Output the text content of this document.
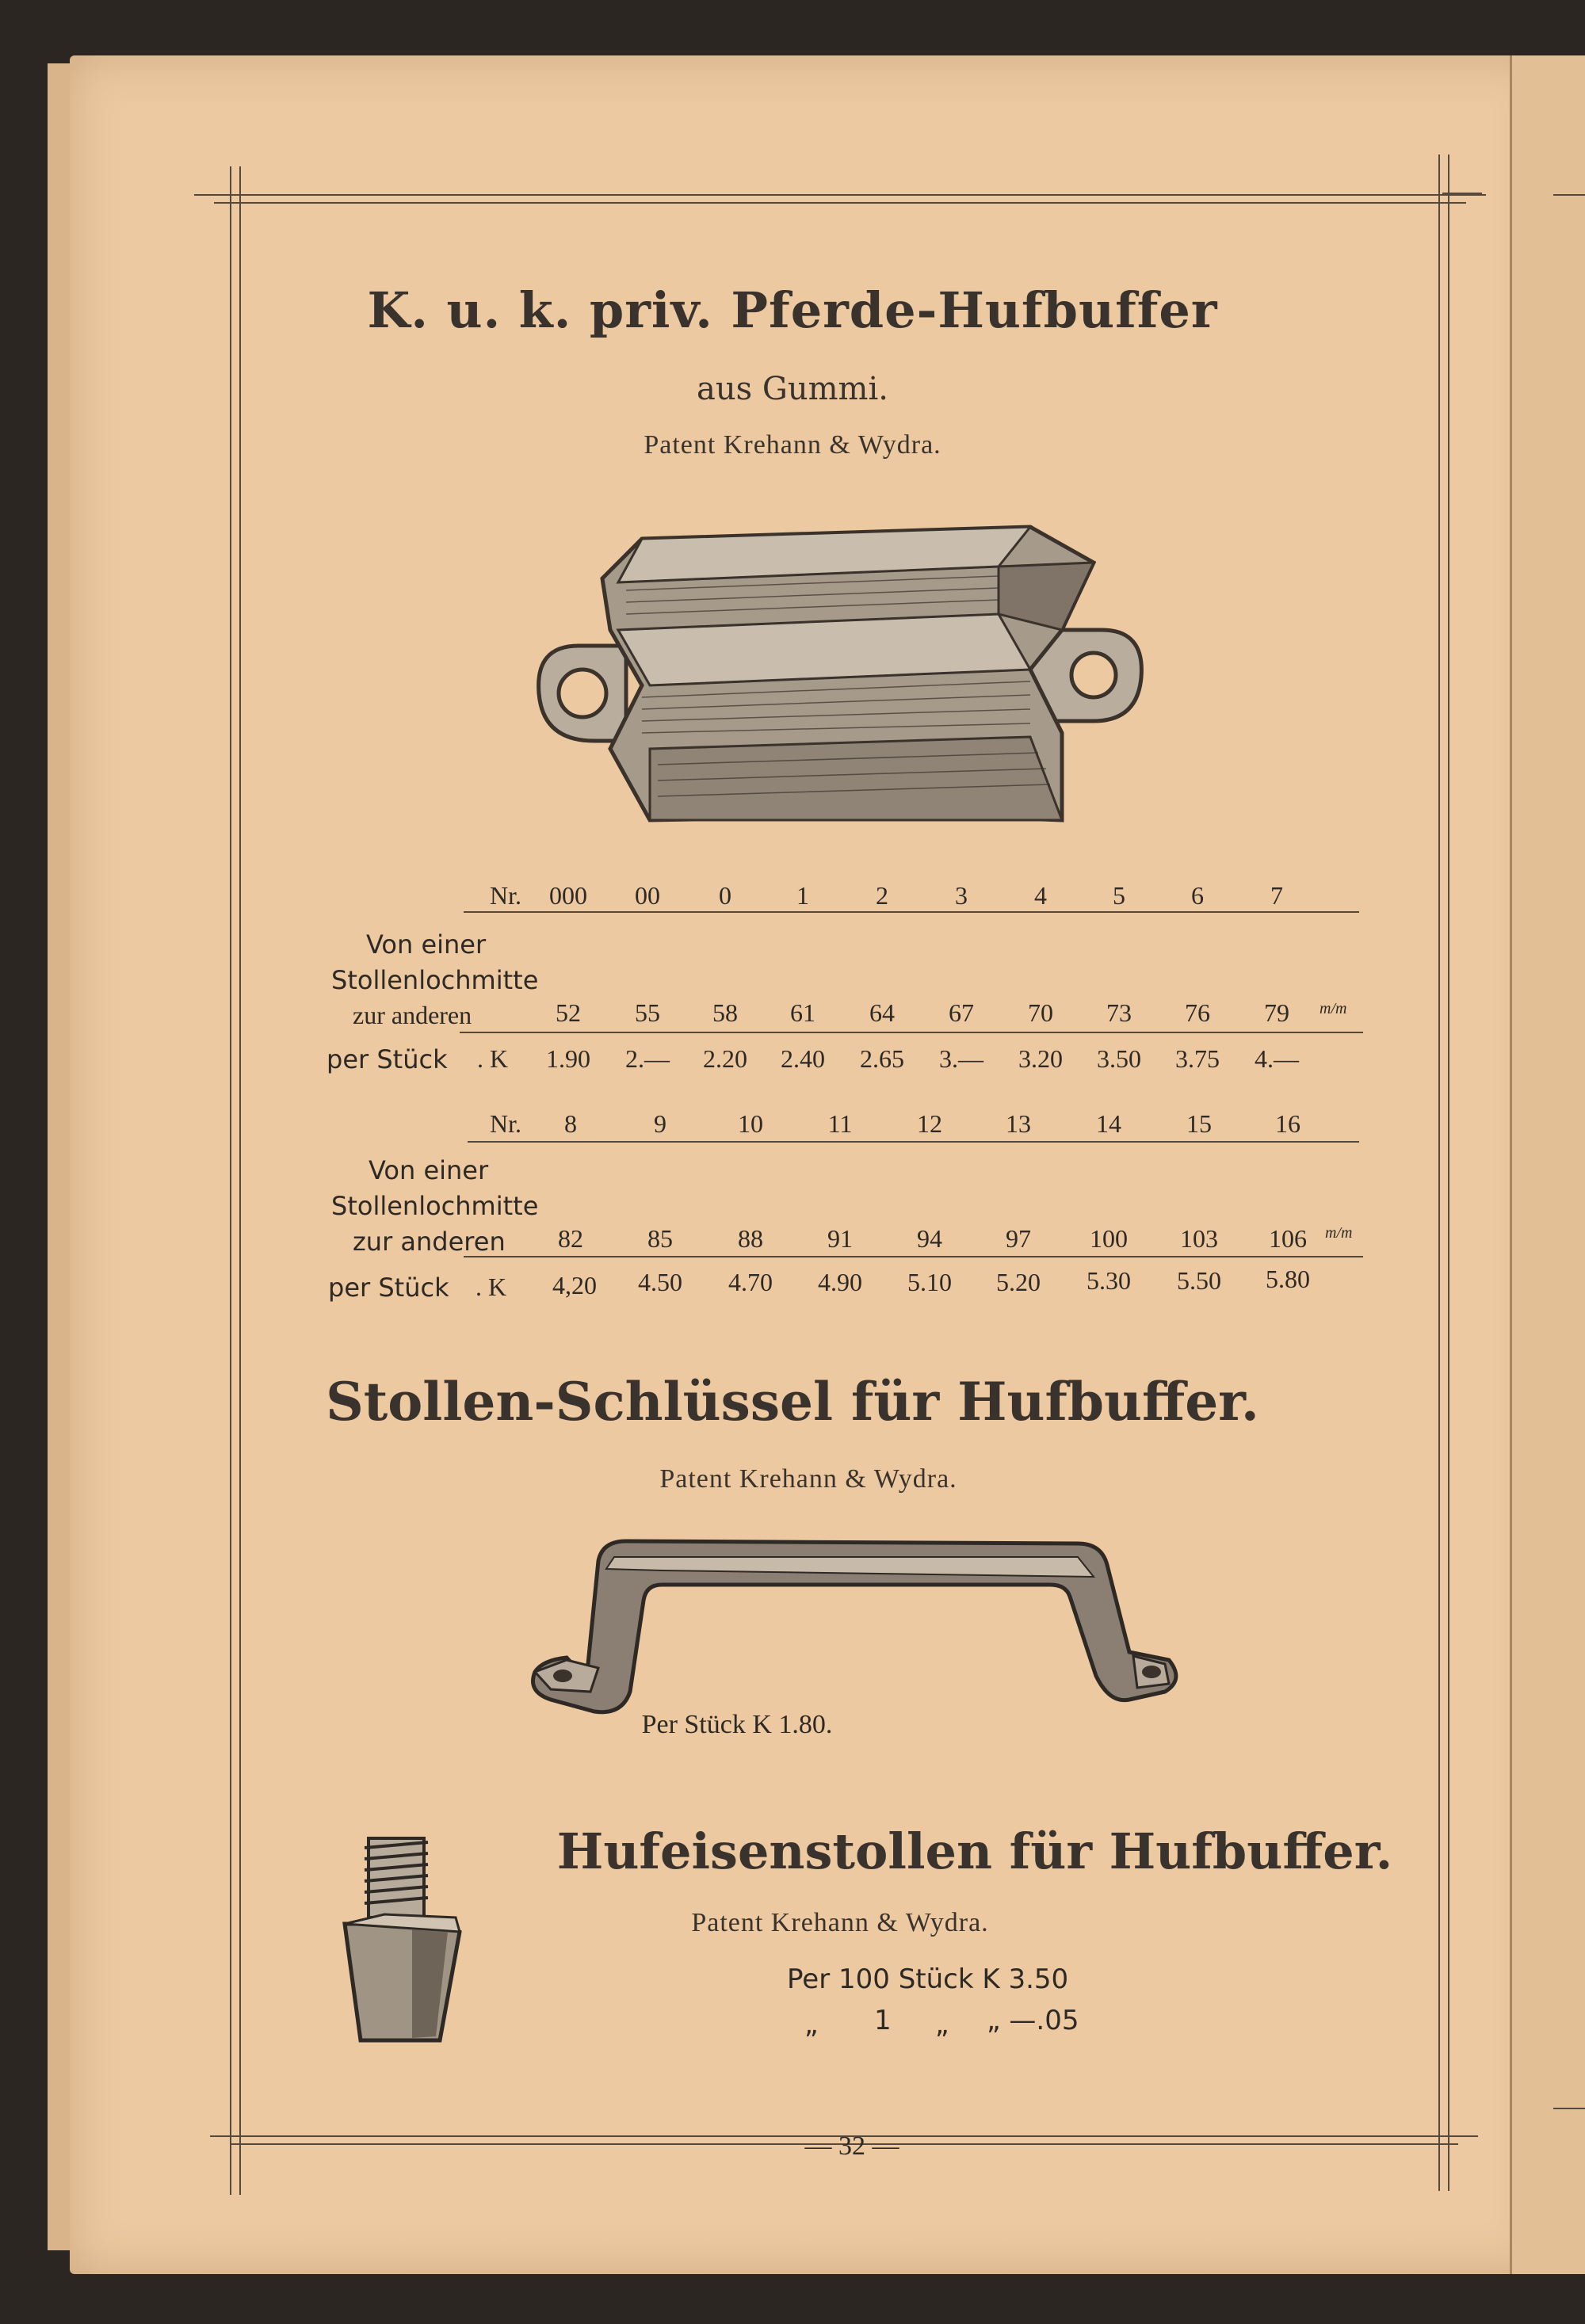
K. u. k. priv. Pferde-Hufbuffer
aus Gummi.
Patent Krehann & Wydra.
Nr.	000	00	0	1	2	3	4	5	6	7
Von einer
Stollenlochmitte
zur anderen	52	55	58	61	64	67	70	73	76	79	m/m
per Stück . K	1.90	2.—	2.20	2.40	2.65	3.—	3.20	3.50	3.75	4.—
Nr.	8	9	10	11	12	13	14	15	16
Von einer
Stollenlochmitte
zur anderen	82	85	88	91	94	97	100	103	106	m/m
per Stück . K	4,20	4.50	4.70	4.90	5.10	5.20	5.30	5.50	5.80
Stollen-Schlüssel für Hufbuffer.
Patent Krehann & Wydra.
Per Stück K 1.80.
Hufeisenstollen für Hufbuffer.
Patent Krehann & Wydra.
Per 100 Stück K 3.50
„ 1 „ „ —.05
— 32 —
